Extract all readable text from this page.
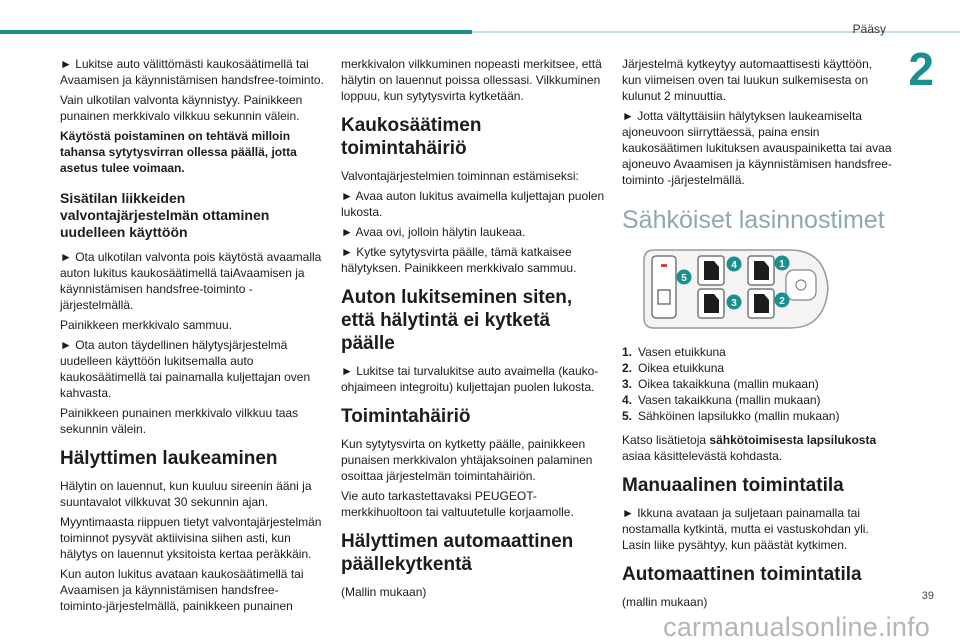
Pääsy
2

► Lukitse auto välittömästi kaukosäätimellä tai Avaamisen ja käynnistämisen handsfree-toiminto.

Vain ulkotilan valvonta käynnistyy. Painikkeen punainen merkkivalo vilkkuu sekunnin välein.

Käytöstä poistaminen on tehtävä milloin tahansa sytytysvirran ollessa päällä, jotta asetus tulee voimaan.

Sisätilan liikkeiden valvontajärjestelmän ottaminen uudelleen käyttöön

► Ota ulkotilan valvonta pois käytöstä avaamalla auton lukitus kaukosäätimellä taiAvaamisen ja käynnistämisen handsfree-toiminto -järjestelmällä.

Painikkeen merkkivalo sammuu.

► Ota auton täydellinen hälytysjärjestelmä uudelleen käyttöön lukitsemalla auto kaukosäätimellä tai painamalla kuljettajan oven kahvasta.

Painikkeen punainen merkkivalo vilkkuu taas sekunnin välein.

Hälyttimen laukeaminen

Hälytin on lauennut, kun kuuluu sireenin ääni ja suuntavalot vilkkuvat 30 sekunnin ajan.

Myyntimaasta riippuen tietyt valvontajärjestelmän toiminnot pysyvät aktiivisina siihen asti, kun hälytys on lauennut yksitoista kertaa peräkkäin.

Kun auton lukitus avataan kaukosäätimellä tai Avaamisen ja käynnistämisen handsfree-toiminto-järjestelmällä, painikkeen punainen

merkkivalon vilkkuminen nopeasti merkitsee, että hälytin on lauennut poissa ollessasi. Vilkkuminen loppuu, kun sytytysvirta kytketään.

Kaukosäätimen toimintahäiriö

Valvontajärjestelmien toiminnan estämiseksi:

► Avaa auton lukitus avaimella kuljettajan puolen lukosta.

► Avaa ovi, jolloin hälytin laukeaa.

► Kytke sytytysvirta päälle, tämä katkaisee hälytyksen. Painikkeen merkkivalo sammuu.

Auton lukitseminen siten, että hälytintä ei kytketä päälle

► Lukitse tai turvalukitse auto avaimella (kauko-ohjaimeen integroitu) kuljettajan puolen lukosta.

Toimintahäiriö

Kun sytytysvirta on kytketty päälle, painikkeen punaisen merkkivalon yhtäjaksoinen palaminen osoittaa järjestelmän toimintahäiriön.

Vie auto tarkastettavaksi PEUGEOT-merkkihuoltoon tai valtuutetulle korjaamolle.

Hälyttimen automaattinen päällekytkentä

(Mallin mukaan)

Järjestelmä kytkeytyy automaattisesti käyttöön, kun viimeisen oven tai luukun sulkemisesta on kulunut 2 minuuttia.

► Jotta vältyttäisiin hälytyksen laukeamiselta ajoneuvoon siirryttäessä, paina ensin kaukosäätimen lukituksen avauspainiketta tai avaa ajoneuvo Avaamisen ja käynnistämisen handsfree-toiminto -järjestelmällä.

Sähköiset lasinnostimet
5
4
3
1
2
1. Vasen etuikkuna
2. Oikea etuikkuna
3. Oikea takaikkuna (mallin mukaan)
4. Vasen takaikkuna (mallin mukaan)
5. Sähköinen lapsilukko (mallin mukaan)

Katso lisätietoja sähkötoimisesta lapsilukosta asiaa käsittelevästä kohdasta.

Manuaalinen toimintatila

► Ikkuna avataan ja suljetaan painamalla tai nostamalla kytkintä, mutta ei vastuskohdan yli. Lasin liike pysähtyy, kun päästät kytkimen.

Automaattinen toimintatila

(mallin mukaan)

carmanualsonline.info
39
